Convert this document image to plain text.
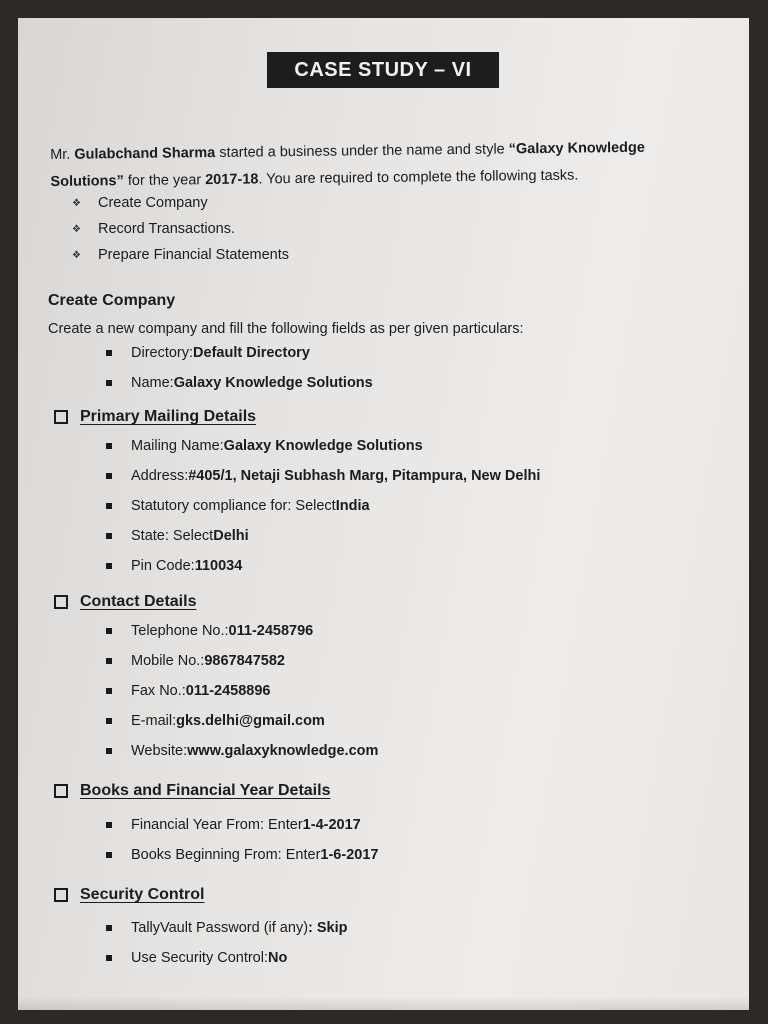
CASE STUDY – VI
Mr. Gulabchand Sharma started a business under the name and style “Galaxy Knowledge Solutions” for the year 2017-18. You are required to complete the following tasks.
❖	Create Company
❖	Record Transactions.
❖	Prepare Financial Statements
Create Company
Create a new company and fill the following fields as per given particulars:
Directory: Default Directory
Name: Galaxy Knowledge Solutions
Primary Mailing Details
Mailing Name: Galaxy Knowledge Solutions
Address: #405/1, Netaji Subhash Marg, Pitampura, New Delhi
Statutory compliance for: Select India
State: Select Delhi
Pin Code: 110034
Contact Details
Telephone No.: 011-2458796
Mobile No.: 9867847582
Fax No.: 011-2458896
E-mail: gks.delhi@gmail.com
Website: www.galaxyknowledge.com
Books and Financial Year Details
Financial Year From: Enter 1-4-2017
Books Beginning From: Enter 1-6-2017
Security Control
TallyVault Password (if any) : Skip
Use Security Control: No
